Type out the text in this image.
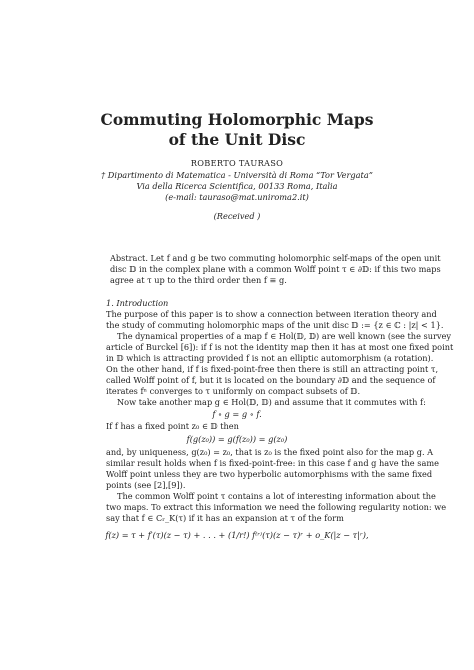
Commuting Holomorphic Maps
of the Unit Disc
ROBERTO TAURASO
† Dipartimento di Matematica - Università di Roma “Tor Vergata”
Via della Ricerca Scientifica, 00133 Roma, Italia
(e-mail: tauraso@mat.uniroma2.it)
(Received )
Abstract. Let f and g be two commuting holomorphic self-maps of the open unit
disc 𝔻 in the complex plane with a common Wolff point τ ∈ ∂𝔻: if this two maps
agree at τ up to the third order then f ≡ g.
1. Introduction
The purpose of this paper is to show a connection between iteration theory and
the study of commuting holomorphic maps of the unit disc 𝔻 := {z ∈ ℂ : |z| < 1}.
The dynamical properties of a map f ∈ Hol(𝔻, 𝔻) are well known (see the survey
article of Burckel [6]): if f is not the identity map then it has at most one fixed point
in 𝔻 which is attracting provided f is not an elliptic automorphism (a rotation).
On the other hand, if f is fixed-point-free then there is still an attracting point τ,
called Wolff point of f, but it is located on the boundary ∂𝔻 and the sequence of
iterates fⁿ converges to τ uniformly on compact subsets of 𝔻.
Now take another map g ∈ Hol(𝔻, 𝔻) and assume that it commutes with f:
f ∘ g = g ∘ f.
If f has a fixed point z₀ ∈ 𝔻 then
f(g(z₀)) = g(f(z₀)) = g(z₀)
and, by uniqueness, g(z₀) = z₀, that is z₀ is the fixed point also for the map g. A
similar result holds when f is fixed-point-free: in this case f and g have the same
Wolff point unless they are two hyperbolic automorphisms with the same fixed
points (see [2],[9]).
The common Wolff point τ contains a lot of interesting information about the
two maps. To extract this information we need the following regularity notion: we
say that f ∈ Cᵣ_K(τ) if it has an expansion at τ of the form
f(z) = τ + f′(τ)(z − τ) + . . . + (1/r!) f⁽ʳ⁾(τ)(z − τ)ʳ + o_K(|z − τ|ʳ),
